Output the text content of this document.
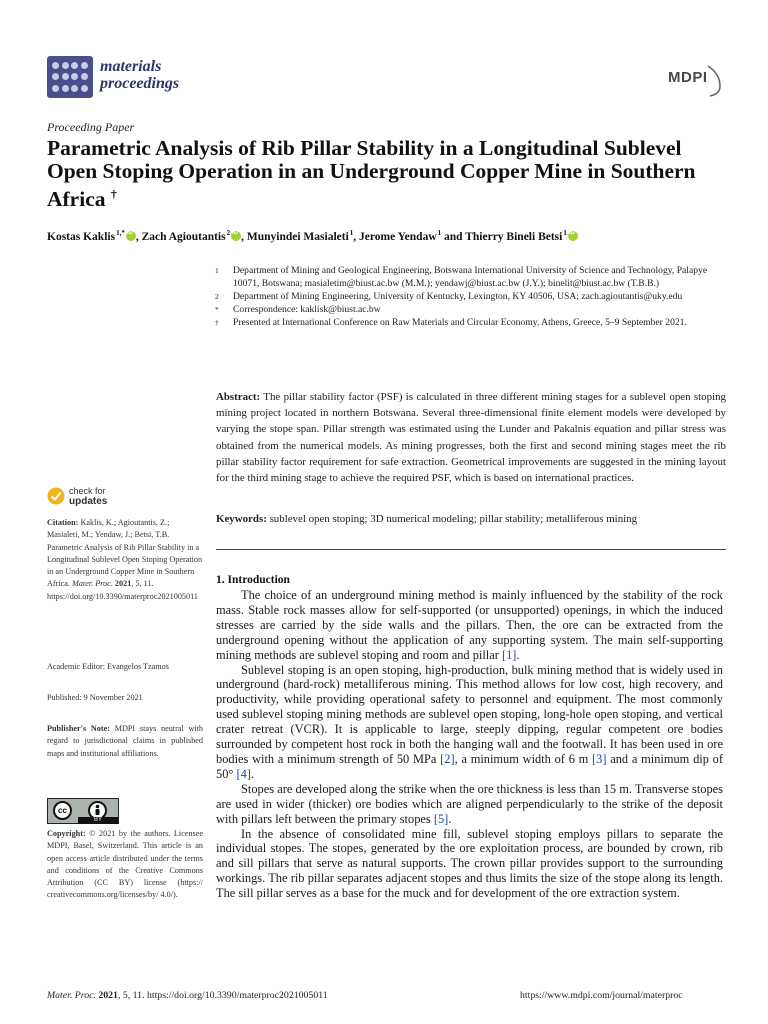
materials
proceedings	MDPI
Proceeding Paper
Parametric Analysis of Rib Pillar Stability in a Longitudinal Sublevel Open Stoping Operation in an Underground Copper Mine in Southern Africa †
Kostas Kaklis$^{1,*}$ iD , Zach Agioutantis$^2$ iD , Munyindei Masialeti$^1$, Jerome Yendaw$^1$ and Thierry Bineli Betsi$^1$iD
1 Department of Mining and Geological Engineering, Botswana International University of Science and Technology, Palapye 10071, Botswana; masialetim@biust.ac.bw (M.M.); yendawj@biust.ac.bw (J.Y.); binelit@biust.ac.bw (T.B.B.)
2 Department of Mining Engineering, University of Kentucky, Lexington, KY 40506, USA; zach.agioutantis@uky.edu
* Correspondence: kaklisk@biust.ac.bw
† Presented at International Conference on Raw Materials and Circular Economy, Athens, Greece, 5–9 September 2021.
Abstract: The pillar stability factor (PSF) is calculated in three different mining stages for a sublevel open stoping mining project located in northern Botswana. Several three-dimensional finite element models were developed by varying the stope span. Pillar strength was estimated using the Lunder and Pakalnis equation and pillar stress was obtained from the numerical models. As mining progresses, both the first and second mining stages meet the rib pillar stability factor requirement for safe extraction. Geometrical improvements are suggested in the mining layout for the third mining stage to achieve the required PSF, which is based on international practices.
Keywords: sublevel open stoping; 3D numerical modeling; pillar stability; metalliferous mining
check for
updates
Citation: Kaklis, K.; Agioutantis, Z.; Masialeti, M.; Yendaw, J.; Betsi, T.B. Parametric Analysis of Rib Pillar Stability in a Longitudinal Sublevel Open Stoping Operation in an Underground Copper Mine in Southern Africa. Mater. Proc. 2021, 5, 11. https://doi.org/10.3390/materproc2021005011
Academic Editor: Evangelos Tzamos
Published: 9 November 2021
Publisher's Note: MDPI stays neutral with regard to jurisdictional claims in published maps and institutional affiliations.
cc
BY
Copyright: © 2021 by the authors. Licensee MDPI, Basel, Switzerland. This article is an open access article distributed under the terms and conditions of the Creative Commons Attribution (CC BY) license (https:// creativecommons.org/licenses/by/ 4.0/).
1. Introduction

The choice of an underground mining method is mainly influenced by the stability of the rock mass. Stable rock masses allow for self-supported (or unsupported) openings, in which the induced stresses are carried by the side walls and the pillars. Then, the ore can be extracted from the underground opening without the application of any supporting system. The main self-supporting mining methods are sublevel stoping and room and pillar [1].

Sublevel stoping is an open stoping, high-production, bulk mining method that is widely used in underground (hard-rock) metalliferous mining. This method allows for low cost, high recovery, and productivity, while providing operational safety to personnel and equipment. The most commonly used sublevel stoping mining methods are sublevel open stoping, long-hole open stoping, and vertical crater retreat (VCR). It is applicable to large, steeply dipping, regular competent ore bodies surrounded by competent host rock in both the hanging wall and the footwall. It has been used in ore bodies with a minimum strength of 50 MPa [2], a minimum width of 6 m [3] and a minimum dip of 50° [4].

Stopes are developed along the strike when the ore thickness is less than 15 m. Transverse stopes are used in wider (thicker) ore bodies which are aligned perpendicularly to the strike of the deposit with pillars left between the primary stopes [5].

In the absence of consolidated mine fill, sublevel stoping employs pillars to separate the individual stopes. The stopes, generated by the ore exploitation process, are bounded by crown, rib and sill pillars that serve as natural supports. The crown pillar provides support to the surrounding workings. The rib pillar separates adjacent stopes and thus limits the size of the stope along its length. The sill pillar serves as a base for the muck and for development of the ore extraction system.

Mater. Proc. 2021, 5, 11. https://doi.org/10.3390/materproc2021005011	https://www.mdpi.com/journal/materproc
